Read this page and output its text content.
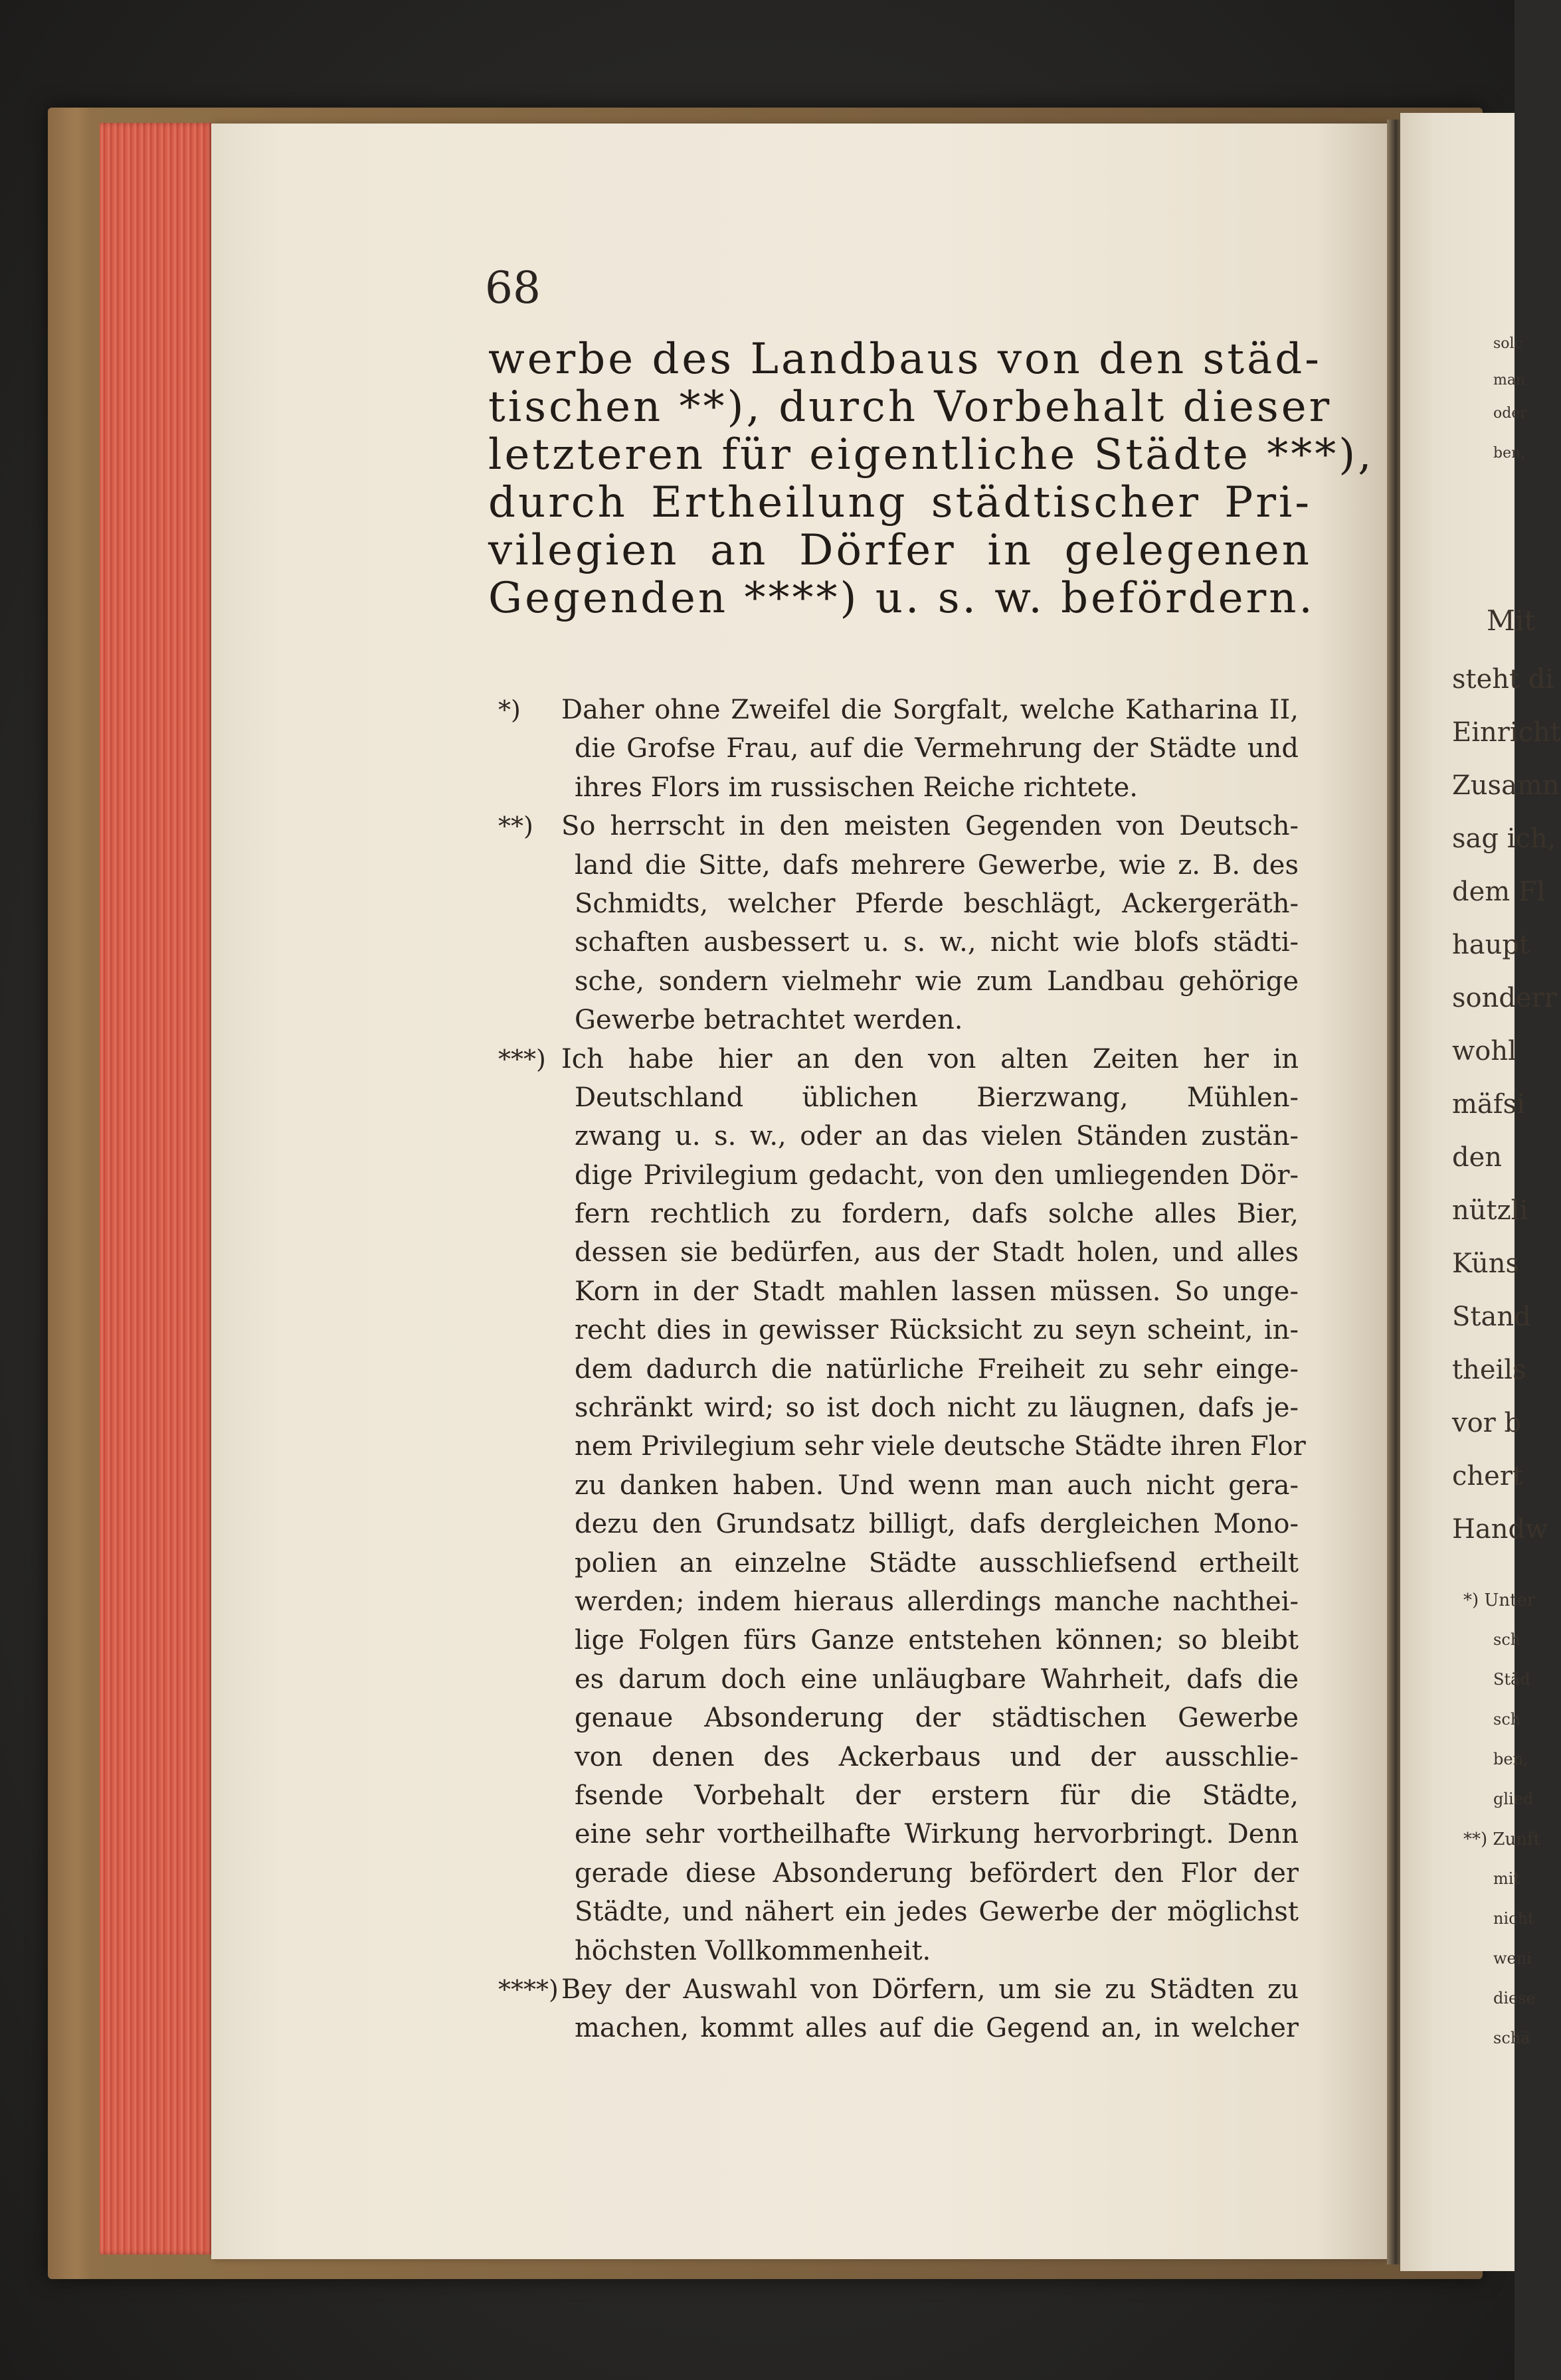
solc
man
oder
ben,
Mit
steht di
Einricht
Zusamn
sag ich,
dem Fl
haupt
sonderr
wohl
mäfsi
den
nützli
Küns
Stand
theils
vor b
chert
Handw
*) Unter
sch
Städ
sch
ben,
glied
**) Zunft
mit
nicht
weni
diese
schä
68
werbe des Landbaus von den städ-
tischen **), durch Vorbehalt dieser
letzteren für eigentliche Städte ***),
durch Ertheilung städtischer Pri-
vilegien an Dörfer in gelegenen
Gegenden ****) u. s. w. befördern.
*) Daher ohne Zweifel die Sorgfalt, welche Katharina II,
die Grofse Frau, auf die Vermehrung der Städte und
ihres Flors im russischen Reiche richtete.
**) So herrscht in den meisten Gegenden von Deutsch-
land die Sitte, dafs mehrere Gewerbe, wie z. B. des
Schmidts, welcher Pferde beschlägt, Ackergeräth-
schaften ausbessert u. s. w., nicht wie blofs städti-
sche, sondern vielmehr wie zum Landbau gehörige
Gewerbe betrachtet werden.
***) Ich habe hier an den von alten Zeiten her in
Deutschland üblichen Bierzwang, Mühlen-
zwang u. s. w., oder an das vielen Ständen zustän-
dige Privilegium gedacht, von den umliegenden Dör-
fern rechtlich zu fordern, dafs solche alles Bier,
dessen sie bedürfen, aus der Stadt holen, und alles
Korn in der Stadt mahlen lassen müssen. So unge-
recht dies in gewisser Rücksicht zu seyn scheint, in-
dem dadurch die natürliche Freiheit zu sehr einge-
schränkt wird; so ist doch nicht zu läugnen, dafs je-
nem Privilegium sehr viele deutsche Städte ihren Flor
zu danken haben. Und wenn man auch nicht gera-
dezu den Grundsatz billigt, dafs dergleichen Mono-
polien an einzelne Städte ausschliefsend ertheilt
werden; indem hieraus allerdings manche nachthei-
lige Folgen fürs Ganze entstehen können; so bleibt
es darum doch eine unläugbare Wahrheit, dafs die
genaue Absonderung der städtischen Gewerbe
von denen des Ackerbaus und der ausschlie-
fsende Vorbehalt der erstern für die Städte,
eine sehr vortheilhafte Wirkung hervorbringt. Denn
gerade diese Absonderung befördert den Flor der
Städte, und nähert ein jedes Gewerbe der möglichst
höchsten Vollkommenheit.
****) Bey der Auswahl von Dörfern, um sie zu Städten zu
machen, kommt alles auf die Gegend an, in welcher
